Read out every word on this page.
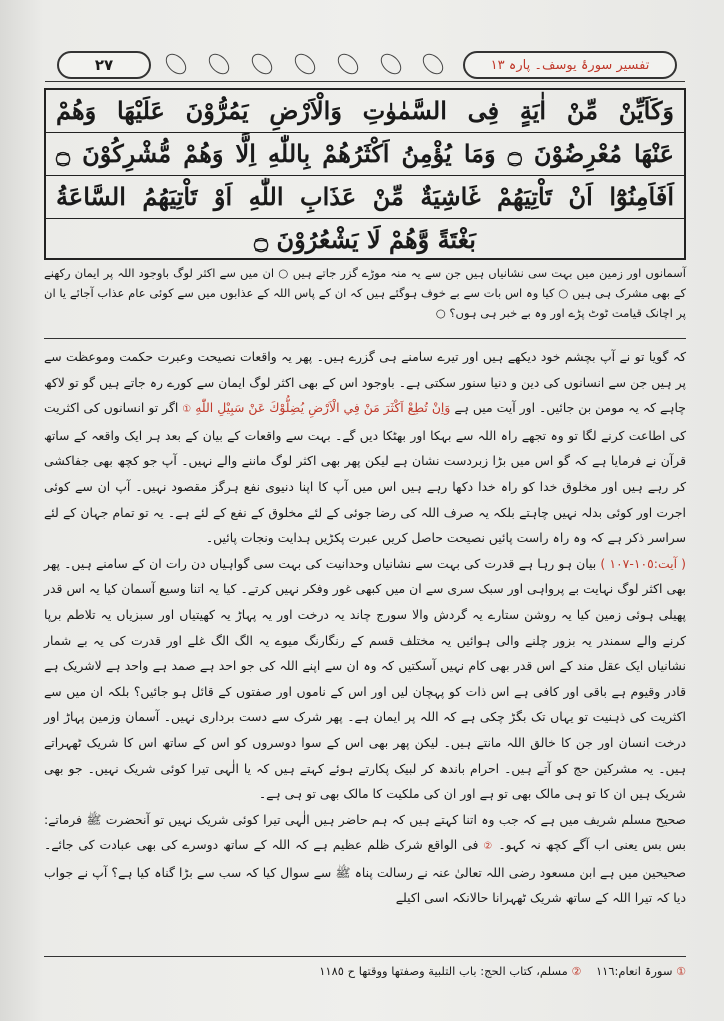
٢٧	تفسیر سورۂ یوسف۔ پارہ ١٣
وَكَاَيِّنْ مِّنْ اٰيَةٍ فِى السَّمٰوٰتِ وَالْاَرْضِ يَمُرُّوْنَ عَلَيْهَا وَهُمْ
عَنْهَا مُعْرِضُوْنَ ۝ وَمَا يُؤْمِنُ اَكْثَرُهُمْ بِاللّٰهِ اِلَّا وَهُمْ مُّشْرِكُوْنَ ۝
اَفَاَمِنُوْٓا اَنْ تَاْتِيَهُمْ غَاشِيَةٌ مِّنْ عَذَابِ اللّٰهِ اَوْ تَاْتِيَهُمُ السَّاعَةُ
بَغْتَةً وَّهُمْ لَا يَشْعُرُوْنَ ۝

آسمانوں اور زمین میں بہت سی نشانیاں ہیں جن سے یہ منہ موڑے گزر جاتے ہیں ○ ان میں سے اکثر لوگ باوجود اللہ پر ایمان رکھنے کے بھی مشرک ہی ہیں ○ کیا وہ اس بات سے بے خوف ہوگئے ہیں کہ ان کے پاس اللہ کے عذابوں میں سے کوئی عام عذاب آجائے یا ان پر اچانک قیامت ٹوٹ پڑے اور وہ بے خبر ہی ہوں؟ ○

کہ گویا تو نے آپ بچشم خود دیکھے ہیں اور تیرے سامنے ہی گزرے ہیں۔ پھر یہ واقعات نصیحت وعبرت حکمت وموعظت سے پر ہیں جن سے انسانوں کی دین و دنیا سنور سکتی ہے۔ باوجود اس کے بھی اکثر لوگ ایمان سے کورے رہ جاتے ہیں گو تو لاکھ چاہے کہ یہ مومن بن جائیں۔ اور آیت میں ہے وَاِنْ تُطِعْ اَكْثَرَ مَنْ فِي الْاَرْضِ يُضِلُّوْكَ عَنْ سَبِيْلِ اللّٰهِ ① اگر تو انسانوں کی اکثریت کی اطاعت کرنے لگا تو وہ تجھے راہ اللہ سے بہکا اور بھٹکا دیں گے۔ بہت سے واقعات کے بیان کے بعد ہر ایک واقعہ کے ساتھ قرآن نے فرمایا ہے کہ گو اس میں بڑا زبردست نشان ہے لیکن پھر بھی اکثر لوگ ماننے والے نہیں۔ آپ جو کچھ بھی جفاکشی کر رہے ہیں اور مخلوق خدا کو راہ خدا دکھا رہے ہیں اس میں آپ کا اپنا دنیوی نفع ہرگز مقصود نہیں۔ آپ ان سے کوئی اجرت اور کوئی بدلہ نہیں چاہتے بلکہ یہ صرف اللہ کی رضا جوئی کے لئے مخلوق کے نفع کے لئے ہے۔ یہ تو تمام جہان کے لئے سراسر ذکر ہے کہ وہ راہ راست پائیں نصیحت حاصل کریں عبرت پکڑیں ہدایت ونجات پائیں۔

( آیت:١٠٥-١٠٧ ) بیان ہو رہا ہے قدرت کی بہت سے نشانیاں وحدانیت کی بہت سی گواہیاں دن رات ان کے سامنے ہیں۔ پھر بھی اکثر لوگ نہایت بے پرواہی اور سبک سری سے ان میں کبھی غور وفکر نہیں کرتے۔ کیا یہ اتنا وسیع آسمان کیا یہ اس قدر پھیلی ہوئی زمین کیا یہ روشن ستارے یہ گردش والا سورج چاند یہ درخت اور یہ پہاڑ یہ کھیتیاں اور سبزیاں یہ تلاطم برپا کرنے والے سمندر یہ بزور چلنے والی ہوائیں یہ مختلف قسم کے رنگارنگ میوے یہ الگ الگ غلے اور قدرت کی یہ بے شمار نشانیاں ایک عقل مند کے اس قدر بھی کام نہیں آسکتیں کہ وہ ان سے اپنے اللہ کی جو احد ہے صمد ہے واحد ہے لاشریک ہے قادر وقیوم ہے باقی اور کافی ہے اس ذات کو پہچان لیں اور اس کے ناموں اور صفتوں کے قائل ہو جائیں؟ بلکہ ان میں سے اکثریت کی ذہنیت تو یہاں تک بگڑ چکی ہے کہ اللہ پر ایمان ہے۔ پھر شرک سے دست برداری نہیں۔ آسمان وزمین پہاڑ اور درخت انسان اور جن کا خالق اللہ مانتے ہیں۔ لیکن پھر بھی اس کے سوا دوسروں کو اس کے ساتھ اس کا شریک ٹھہراتے ہیں۔ یہ مشرکین حج کو آتے ہیں۔ احرام باندھ کر لبیک پکارتے ہوئے کہتے ہیں کہ یا الٰہی تیرا کوئی شریک نہیں۔ جو بھی شریک ہیں ان کا تو ہی مالک بھی تو ہے اور ان کی ملکیت کا مالک بھی تو ہی ہے۔

صحیح مسلم شریف میں ہے کہ جب وہ اتنا کہتے ہیں کہ ہم حاضر ہیں الٰہی تیرا کوئی شریک نہیں تو آنحضرت ﷺ فرماتے: بس بس یعنی اب آگے کچھ نہ کہو۔ ② فی الواقع شرک ظلم عظیم ہے کہ اللہ کے ساتھ دوسرے کی بھی عبادت کی جائے۔ صحیحین میں ہے ابن مسعود رضی اللہ تعالیٰ عنہ نے رسالت پناہ ﷺ سے سوال کیا کہ سب سے بڑا گناہ کیا ہے؟ آپ نے جواب دیا کہ تیرا اللہ کے ساتھ شریک ٹھہرانا حالانکہ اسی اکیلے

① سورۃ انعام:١١٦    ② مسلم، کتاب الحج: باب التلبیة وصفتها ووقتها ح ١١٨٥
